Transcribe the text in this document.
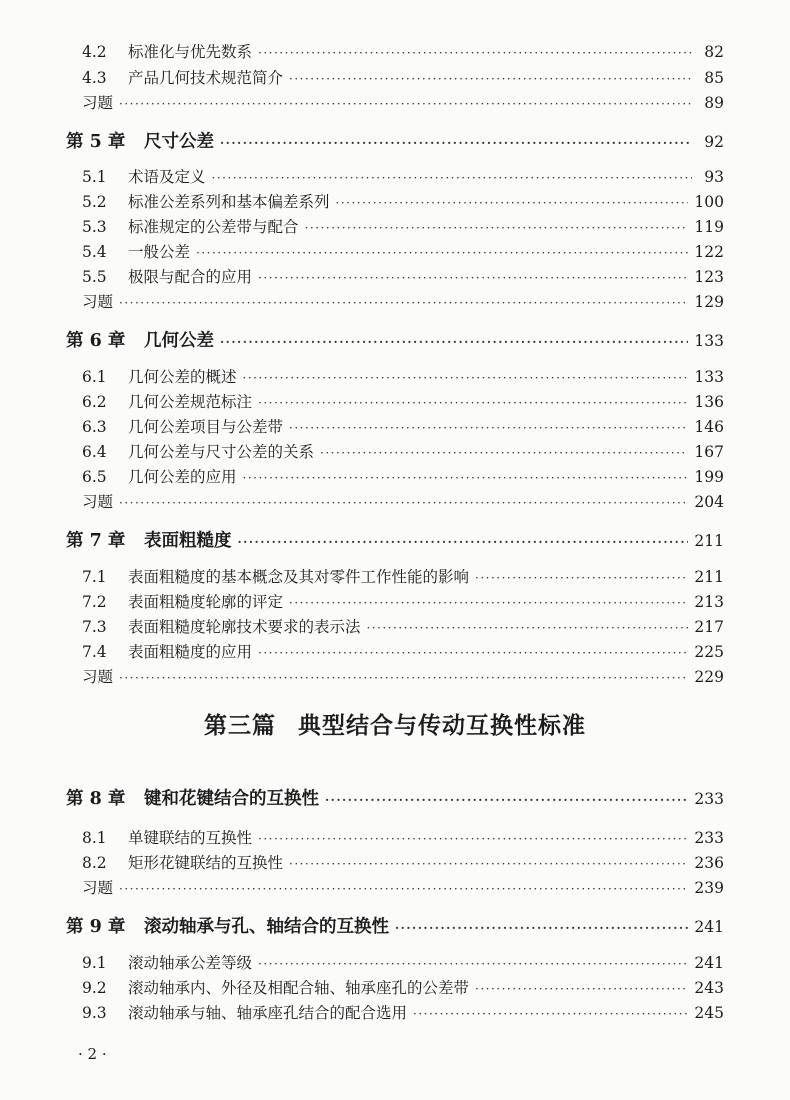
4.2	标准化与优先数系 ·····	82
4.3	产品几何技术规范简介 ·····	85
习题 ·····	89
第 5 章	尺寸公差 ·····	92
5.1	术语及定义 ·····	93
5.2	标准公差系列和基本偏差系列 ·····	100
5.3	标准规定的公差带与配合 ·····	119
5.4	一般公差 ·····	122
5.5	极限与配合的应用 ·····	123
习题 ·····	129
第 6 章	几何公差 ·····	133
6.1	几何公差的概述 ·····	133
6.2	几何公差规范标注 ·····	136
6.3	几何公差项目与公差带 ·····	146
6.4	几何公差与尺寸公差的关系 ·····	167
6.5	几何公差的应用 ·····	199
习题 ·····	204
第 7 章	表面粗糙度 ·····	211
7.1	表面粗糙度的基本概念及其对零件工作性能的影响 ·····	211
7.2	表面粗糙度轮廓的评定 ·····	213
7.3	表面粗糙度轮廓技术要求的表示法 ·····	217
7.4	表面粗糙度的应用 ·····	225
习题 ·····	229
第三篇 典型结合与传动互换性标准
第 8 章	键和花键结合的互换性 ·····	233
8.1	单键联结的互换性 ·····	233
8.2	矩形花键联结的互换性 ·····	236
习题 ·····	239
第 9 章	滚动轴承与孔、轴结合的互换性 ·····	241
9.1	滚动轴承公差等级 ·····	241
9.2	滚动轴承内、外径及相配合轴、轴承座孔的公差带 ·····	243
9.3	滚动轴承与轴、轴承座孔结合的配合选用 ·····	245
· 2 ·
